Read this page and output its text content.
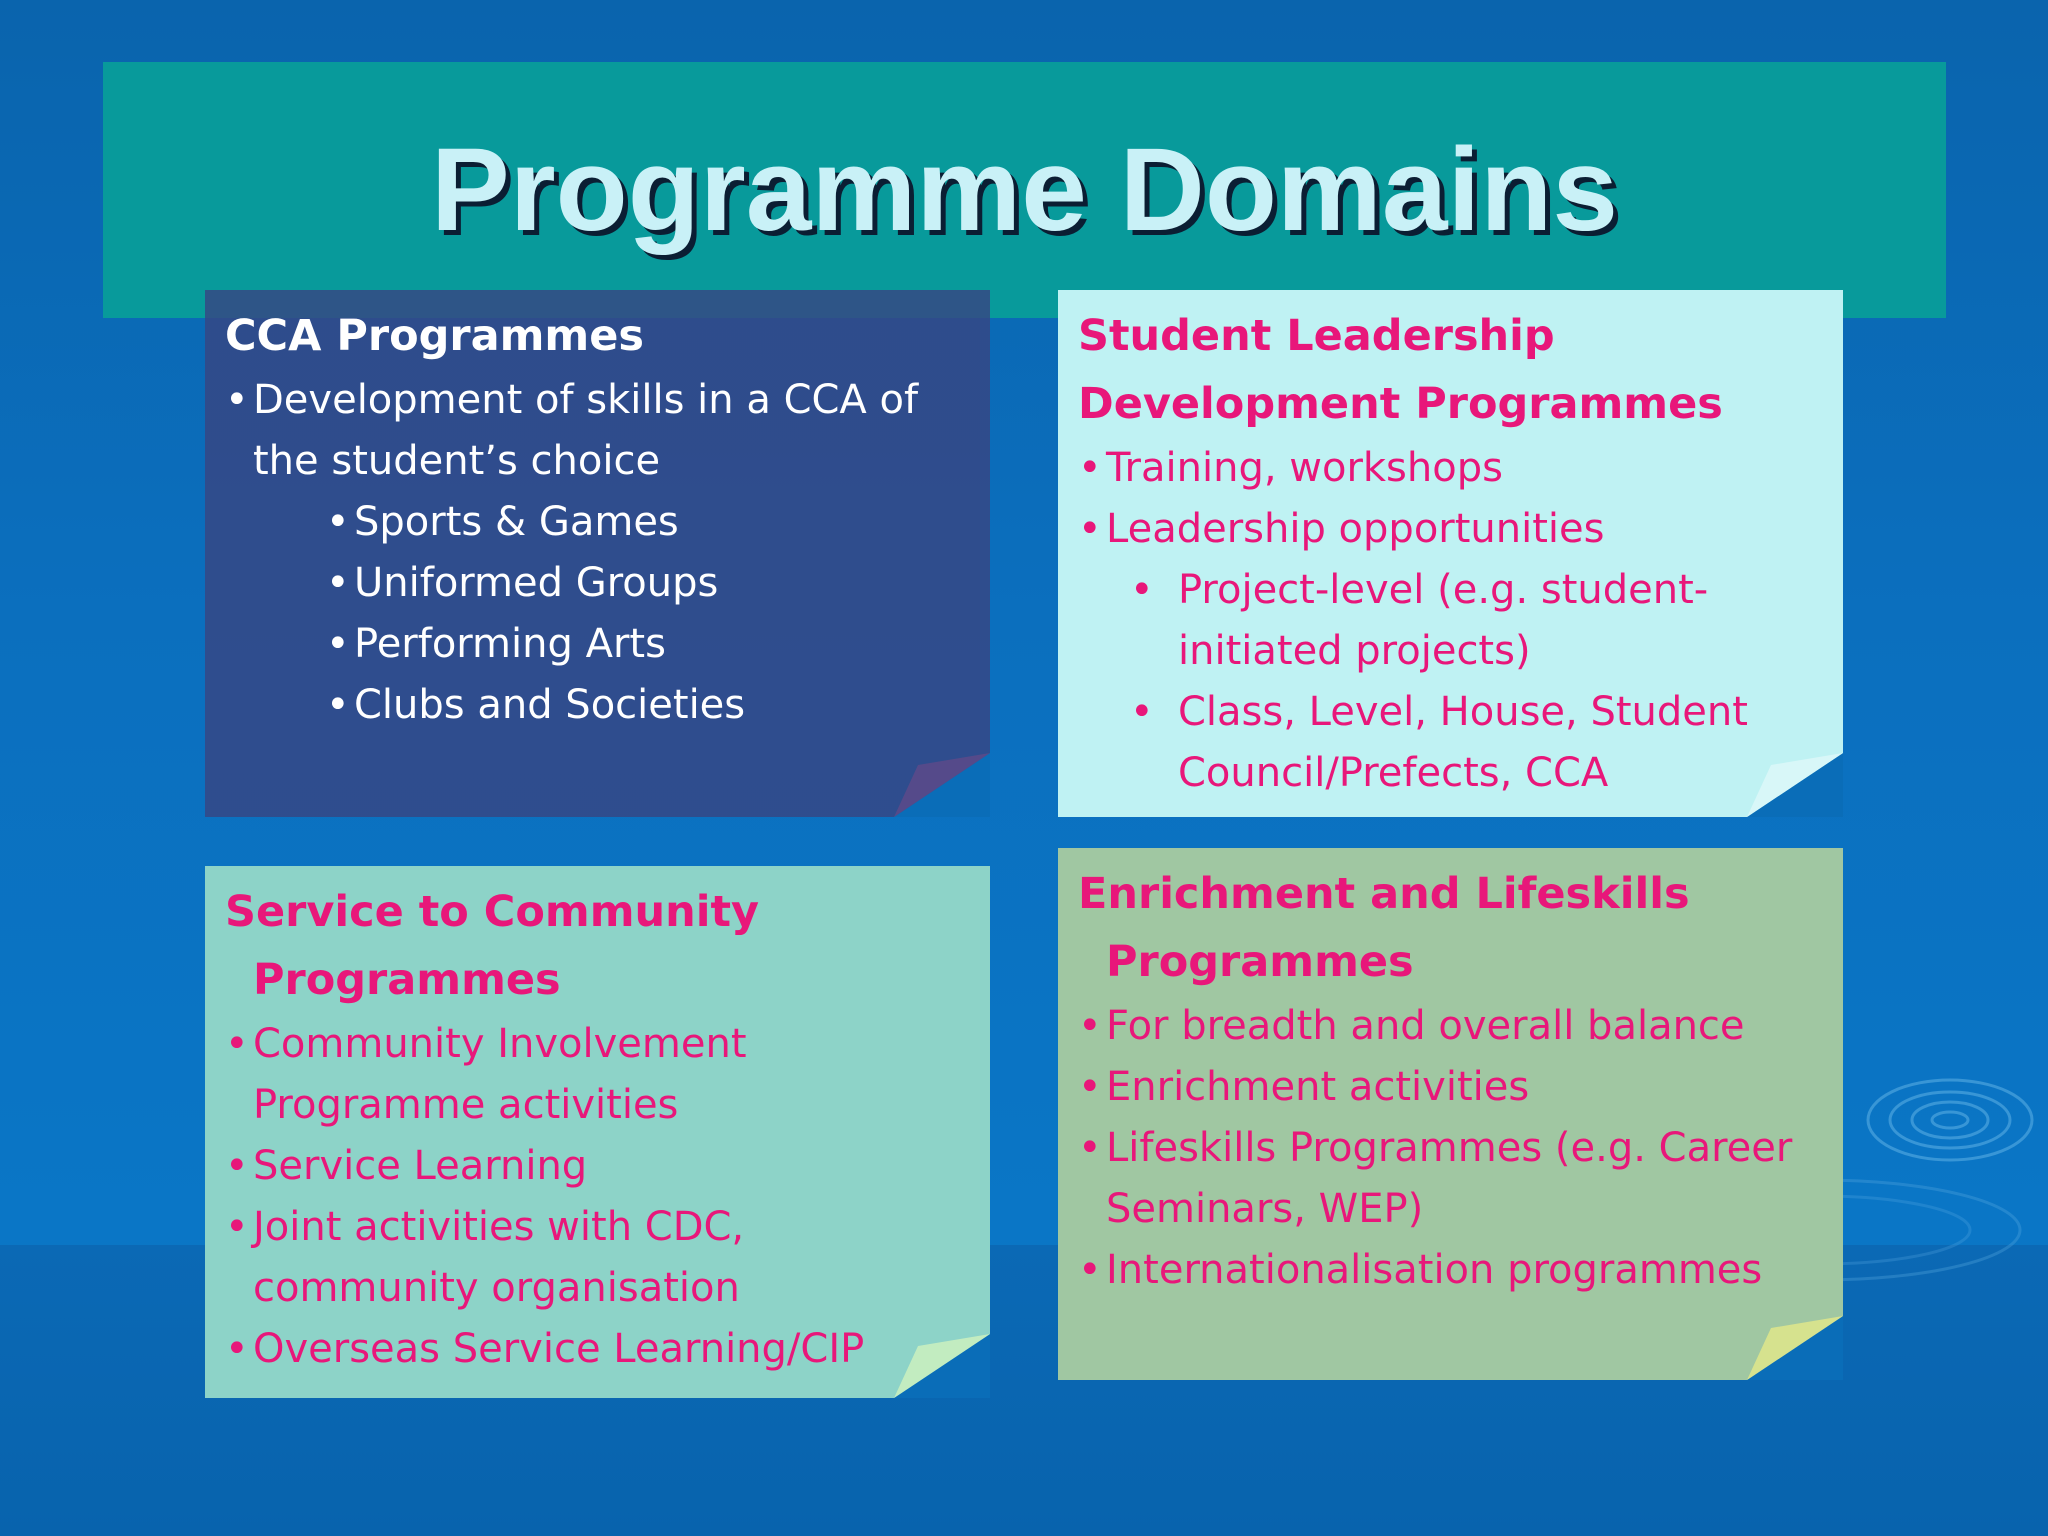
Programme Domains
CCA Programmes
• Development of skills in a CCA of the student’s choice
• Sports & Games
• Uniformed Groups
• Performing Arts
• Clubs and Societies
Student Leadership Development Programmes
• Training, workshops
• Leadership opportunities
• Project-level (e.g. student-initiated projects)
• Class, Level, House, Student Council/Prefects, CCA
Service to Community Programmes
• Community Involvement Programme activities
• Service Learning
• Joint activities with CDC, community organisation
• Overseas Service Learning/CIP
Enrichment and Lifeskills Programmes
• For breadth and overall balance
• Enrichment activities
• Lifeskills Programmes (e.g. Career Seminars, WEP)
• Internationalisation programmes
